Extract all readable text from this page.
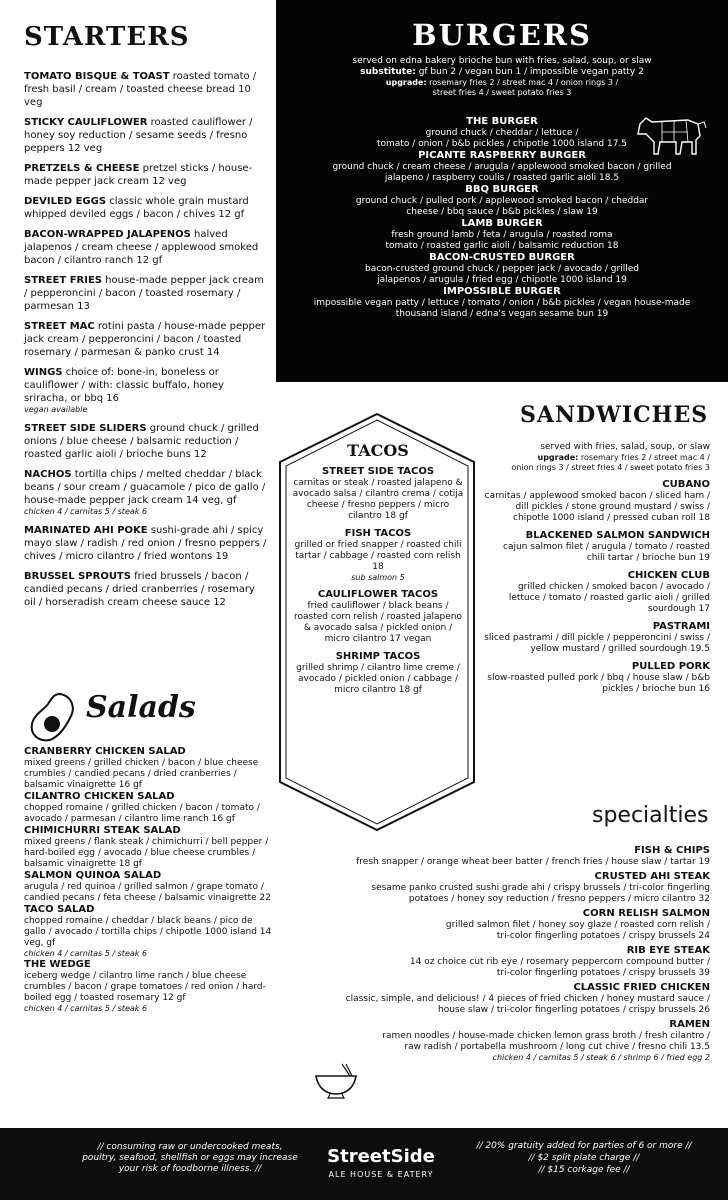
STARTERS
TOMATO BISQUE & TOAST roasted tomato / fresh basil / cream / toasted cheese bread 10 veg
STICKY CAULIFLOWER roasted cauliflower / honey soy reduction / sesame seeds / fresno peppers 12 veg
PRETZELS & CHEESE pretzel sticks / house-made pepper jack cream 12 veg
DEVILED EGGS classic whole grain mustard whipped deviled eggs / bacon / chives 12 gf
BACON-WRAPPED JALAPENOS halved jalapenos / cream cheese / applewood smoked bacon / cilantro ranch 12 gf
STREET FRIES house-made pepper jack cream / pepperoncini / bacon / toasted rosemary / parmesan 13
STREET MAC rotini pasta / house-made pepper jack cream / pepperoncini / bacon / toasted rosemary / parmesan & panko crust 14
WINGS choice of: bone-in, boneless or cauliflower / with: classic buffalo, honey sriracha, or bbq 16
vegan available
STREET SIDE SLIDERS ground chuck / grilled onions / blue cheese / balsamic reduction / roasted garlic aioli / brioche buns 12
NACHOS tortilla chips / melted cheddar / black beans / sour cream / guacamole / pico de gallo / house-made pepper jack cream 14 veg, gf
chicken 4 / carnitas 5 / steak 6
MARINATED AHI POKE sushi-grade ahi / spicy mayo slaw / radish / red onion / fresno peppers / chives / micro cilantro / fried wontons 19
BRUSSEL SPROUTS fried brussels / bacon / candied pecans / dried cranberries / rosemary oil / horseradish cream cheese sauce 12
BURGERS
served on edna bakery brioche bun with fries, salad, soup, or slaw
substitute: gf bun 2 / vegan bun 1 / impossible vegan patty 2
upgrade: rosemary fries 2 / street mac 4 / onion rings 3 /
street fries 4 / sweet potato fries 3
THE BURGER
ground chuck / cheddar / lettuce /
tomato / onion / b&b pickles / chipotle 1000 island 17.5
PICANTE RASPBERRY BURGER
ground chuck / cream cheese / arugula / applewood smoked bacon / grilled
jalapeno / raspberry coulis / roasted garlic aioli 18.5
BBQ BURGER
ground chuck / pulled pork / applewood smoked bacon / cheddar
cheese / bbq sauce / b&b pickles / slaw 19
LAMB BURGER
fresh ground lamb / feta / arugula / roasted roma
tomato / roasted garlic aioli / balsamic reduction 18
BACON-CRUSTED BURGER
bacon-crusted ground chuck / pepper jack / avocado / grilled
jalapenos / arugula / fried egg / chipotle 1000 island 19
IMPOSSIBLE BURGER
impossible vegan patty / lettuce / tomato / onion / b&b pickles / vegan house-made
thousand island / edna's vegan sesame bun 19
TACOS
STREET SIDE TACOS
carnitas or steak / roasted jalapeno & avocado salsa / cilantro crema / cotija cheese / fresno peppers / micro cilantro 18 gf
FISH TACOS
grilled or fried snapper / roasted chili tartar / cabbage / roasted corn relish 18
sub salmon 5
CAULIFLOWER TACOS
fried cauliflower / black beans / roasted corn relish / roasted jalapeno & avocado salsa / pickled onion / micro cilantro 17 vegan
SHRIMP TACOS
grilled shrimp / cilantro lime creme / avocado / pickled onion / cabbage / micro cilantro 18 gf
SANDWICHES
served with fries, salad, soup, or slaw
upgrade: rosemary fries 2 / street mac 4 /
onion rings 3 / street fries 4 / sweet potato fries 3
CUBANO
carnitas / applewood smoked bacon / sliced ham / dill pickles / stone ground mustard / swiss / chipotle 1000 island / pressed cuban roll 18
BLACKENED SALMON SANDWICH
cajun salmon filet / arugula / tomato / roasted chili tartar / brioche bun 19
CHICKEN CLUB
grilled chicken / smoked bacon / avocado / lettuce / tomato / roasted garlic aioli / grilled sourdough 17
PASTRAMI
sliced pastrami / dill pickle / pepperoncini / swiss / yellow mustard / grilled sourdough 19.5
PULLED PORK
slow-roasted pulled pork / bbq / house slaw / b&b pickles / brioche bun 16
Salads
CRANBERRY CHICKEN SALAD
mixed greens / grilled chicken / bacon / blue cheese crumbles / candied pecans / dried cranberries / balsamic vinaigrette 16 gf
CILANTRO CHICKEN SALAD
chopped romaine / grilled chicken / bacon / tomato / avocado / parmesan / cilantro lime ranch 16 gf
CHIMICHURRI STEAK SALAD
mixed greens / flank steak / chimichurri / bell pepper / hard-boiled egg / avocado / blue cheese crumbles / balsamic vinaigrette 18 gf
SALMON QUINOA SALAD
arugula / red quinoa / grilled salmon / grape tomato / candied pecans / feta cheese / balsamic vinaigrette 22
TACO SALAD
chopped romaine / cheddar / black beans / pico de gallo / avocado / tortilla chips / chipotle 1000 island 14 veg, gf
chicken 4 / carnitas 5 / steak 6
THE WEDGE
iceberg wedge / cilantro lime ranch / blue cheese crumbles / bacon / grape tomatoes / red onion / hard-boiled egg / toasted rosemary 12 gf
chicken 4 / carnitas 5 / steak 6
specialties
FISH & CHIPS
fresh snapper / orange wheat beer batter / french fries / house slaw / tartar 19
CRUSTED AHI STEAK
sesame panko crusted sushi grade ahi / crispy brussels / tri-color fingerling
potatoes / honey soy reduction / fresno peppers / micro cilantro 32
CORN RELISH SALMON
grilled salmon filet / honey soy glaze / roasted corn relish /
tri-color fingerling potatoes / crispy brussels 24
RIB EYE STEAK
14 oz choice cut rib eye / rosemary peppercorn compound butter /
tri-color fingerling potatoes / crispy brussels 39
CLASSIC FRIED CHICKEN
classic, simple, and delicious! / 4 pieces of fried chicken / honey mustard sauce /
house slaw / tri-color fingerling potatoes / crispy brussels 26
RAMEN
ramen noodles / house-made chicken lemon grass broth / fresh cilantro /
raw radish / portabella mushroom / long cut chive / fresno chili 13.5
chicken 4 / carnitas 5 / steak 6 / shrimp 6 / fried egg 2
// consuming raw or undercooked meats,
poultry, seafood, shellfish or eggs may increase
your risk of foodborne illness. //
StreetSide
ALE HOUSE & EATERY
// 20% gratuity added for parties of 6 or more //
// $2 split plate charge //
// $15 corkage fee //
